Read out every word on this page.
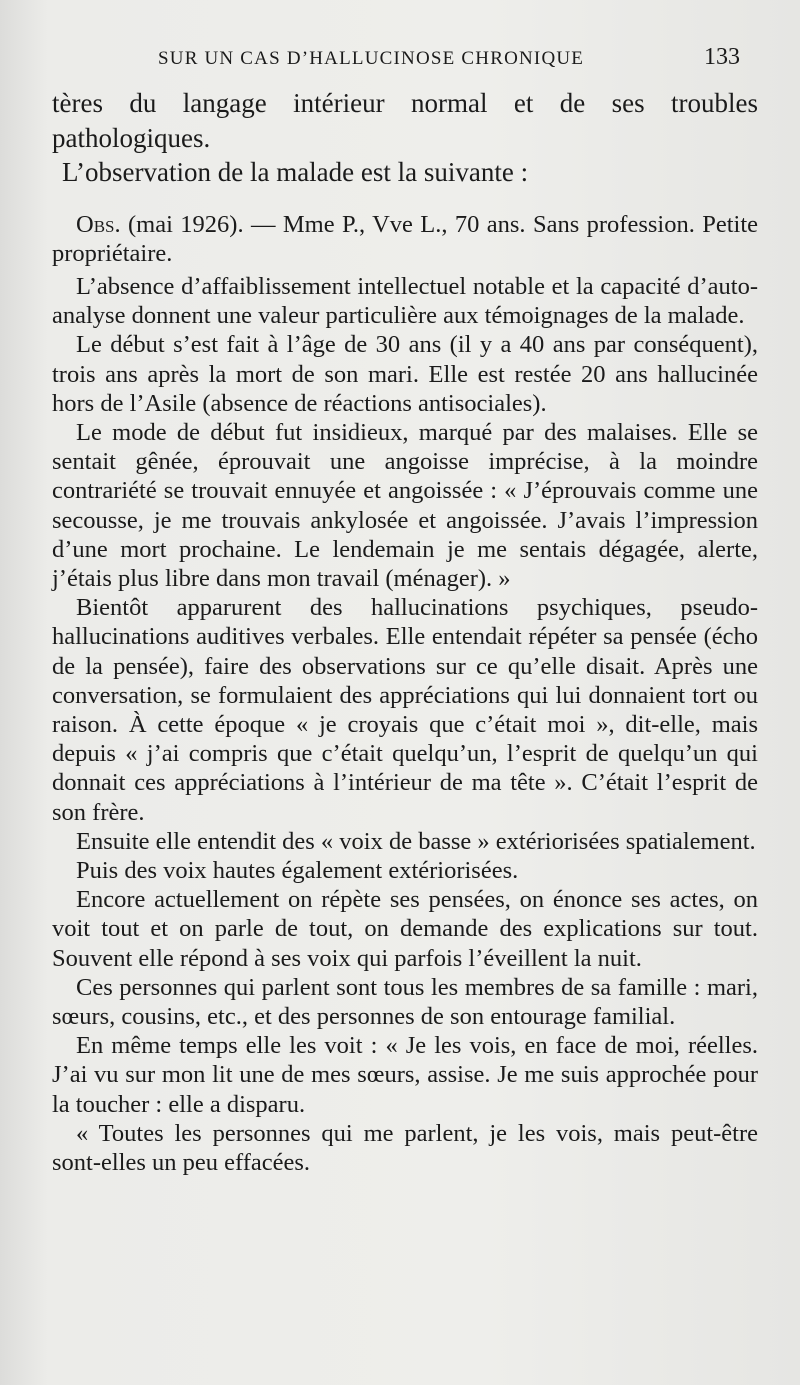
SUR UN CAS D’HALLUCINOSE CHRONIQUE	133

tères du langage intérieur normal et de ses troubles pathologiques.

L’observation de la malade est la suivante :

Obs. (mai 1926). — Mme P., Vve L., 70 ans. Sans profession. Petite propriétaire.

L’absence d’affaiblissement intellectuel notable et la capacité d’auto-analyse donnent une valeur particulière aux témoignages de la malade.

Le début s’est fait à l’âge de 30 ans (il y a 40 ans par conséquent), trois ans après la mort de son mari. Elle est restée 20 ans hallucinée hors de l’Asile (absence de réactions antisociales).

Le mode de début fut insidieux, marqué par des malaises. Elle se sentait gênée, éprouvait une angoisse imprécise, à la moindre contrariété se trouvait ennuyée et angoissée : « J’éprouvais comme une secousse, je me trouvais ankylosée et angoissée. J’avais l’impression d’une mort prochaine. Le lendemain je me sentais dégagée, alerte, j’étais plus libre dans mon travail (ménager). »

Bientôt apparurent des hallucinations psychiques, pseudo-hallucinations auditives verbales. Elle entendait répéter sa pensée (écho de la pensée), faire des observations sur ce qu’elle disait. Après une conversation, se formulaient des appréciations qui lui donnaient tort ou raison. À cette époque « je croyais que c’était moi », dit-elle, mais depuis « j’ai compris que c’était quelqu’un, l’esprit de quelqu’un qui donnait ces appréciations à l’intérieur de ma tête ». C’était l’esprit de son frère.

Ensuite elle entendit des « voix de basse » extériorisées spatialement.

Puis des voix hautes également extériorisées.

Encore actuellement on répète ses pensées, on énonce ses actes, on voit tout et on parle de tout, on demande des explications sur tout. Souvent elle répond à ses voix qui parfois l’éveillent la nuit.

Ces personnes qui parlent sont tous les membres de sa famille : mari, sœurs, cousins, etc., et des personnes de son entourage familial.

En même temps elle les voit : « Je les vois, en face de moi, réelles. J’ai vu sur mon lit une de mes sœurs, assise. Je me suis approchée pour la toucher : elle a disparu.

« Toutes les personnes qui me parlent, je les vois, mais peut-être sont-elles un peu effacées.
